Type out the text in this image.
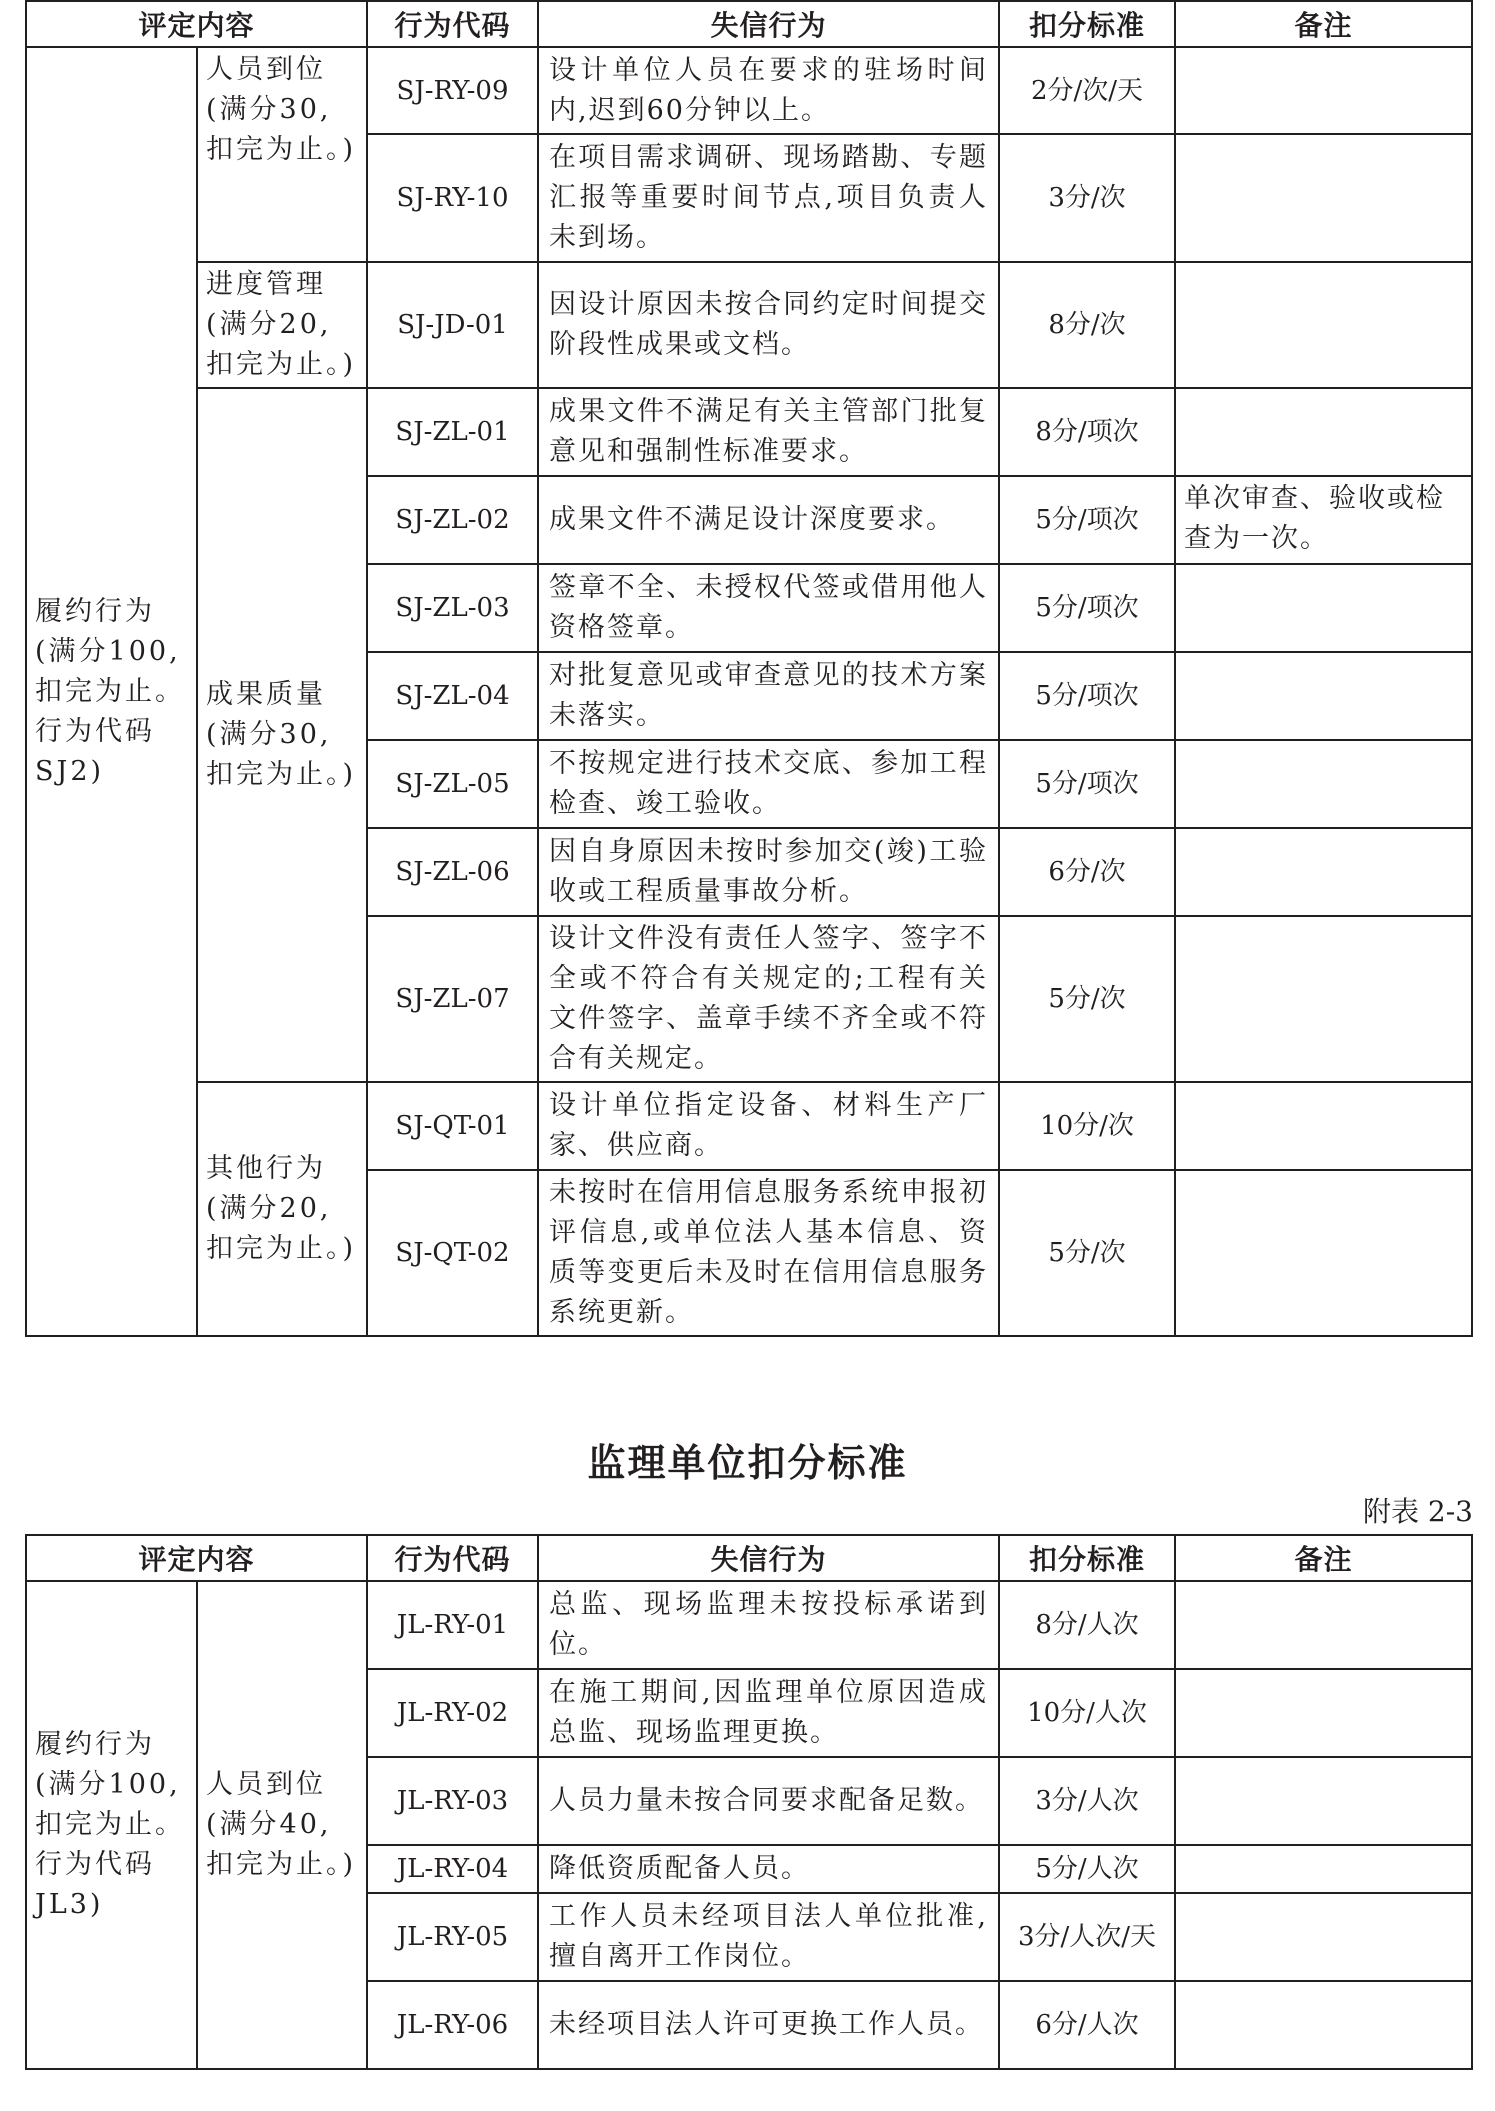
评定内容		行为代码	失信行为	扣分标准	备注
履约行为(满分100,扣完为止。行为代码SJ2)	人员到位(满分30,扣完为止。)	SJ-RY-09	设计单位人员在要求的驻场时间内,迟到60分钟以上。	2分/次/天	
		SJ-RY-10	在项目需求调研、现场踏勘、专题汇报等重要时间节点,项目负责人未到场。	3分/次	
	进度管理(满分20,扣完为止。)	SJ-JD-01	因设计原因未按合同约定时间提交阶段性成果或文档。	8分/次	
	成果质量(满分30,扣完为止。)	SJ-ZL-01	成果文件不满足有关主管部门批复意见和强制性标准要求。	8分/项次	
		SJ-ZL-02	成果文件不满足设计深度要求。	5分/项次	单次审查、验收或检查为一次。
		SJ-ZL-03	签章不全、未授权代签或借用他人资格签章。	5分/项次	
		SJ-ZL-04	对批复意见或审查意见的技术方案未落实。	5分/项次	
		SJ-ZL-05	不按规定进行技术交底、参加工程检查、竣工验收。	5分/项次	
		SJ-ZL-06	因自身原因未按时参加交(竣)工验收或工程质量事故分析。	6分/次	
		SJ-ZL-07	设计文件没有责任人签字、签字不全或不符合有关规定的;工程有关文件签字、盖章手续不齐全或不符合有关规定。	5分/次	
	其他行为(满分20,扣完为止。)	SJ-QT-01	设计单位指定设备、材料生产厂家、供应商。	10分/次	
		SJ-QT-02	未按时在信用信息服务系统申报初评信息,或单位法人基本信息、资质等变更后未及时在信用信息服务系统更新。	5分/次	
监理单位扣分标准
附表 2-3
评定内容		行为代码	失信行为	扣分标准	备注
履约行为(满分100,扣完为止。行为代码JL3)	人员到位(满分40,扣完为止。)	JL-RY-01	总监、现场监理未按投标承诺到位。	8分/人次	
		JL-RY-02	在施工期间,因监理单位原因造成总监、现场监理更换。	10分/人次	
		JL-RY-03	人员力量未按合同要求配备足数。	3分/人次	
		JL-RY-04	降低资质配备人员。	5分/人次	
		JL-RY-05	工作人员未经项目法人单位批准,擅自离开工作岗位。	3分/人次/天	
		JL-RY-06	未经项目法人许可更换工作人员。	6分/人次	
